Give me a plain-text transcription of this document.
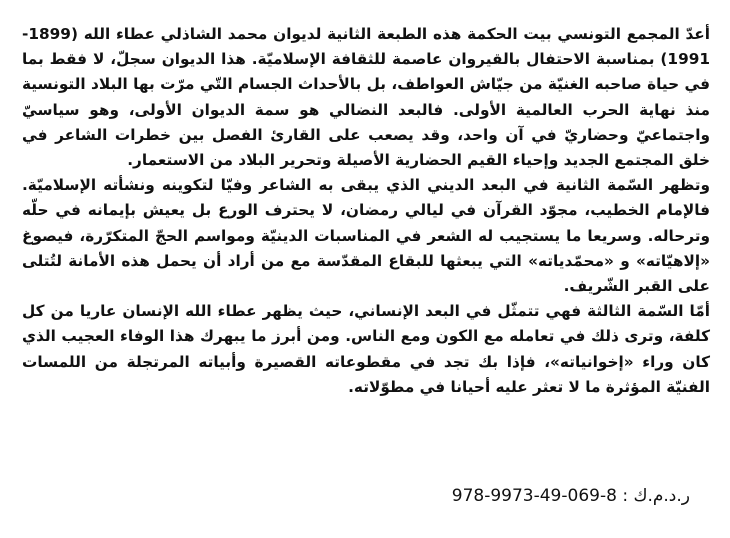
أعدّ المجمع التونسي بيت الحكمة هذه الطبعة الثانية لديوان محمد الشاذلي عطاء الله (1899-1991) بمناسبة الاحتفال بالقيروان عاصمة للثقافة الإسلاميّة. هذا الديوان سجلّ، لا فقط بما في حياة صاحبه الغنيّة من جيّاش العواطف، بل بالأحداث الجسام التّي مرّت بها البلاد التونسية منذ نهاية الحرب العالمية الأولى. فالبعد النضالي هو سمة الديوان الأولى، وهو سياسيّ واجتماعيّ وحضاريّ في آن واحد، وقد يصعب على القارئ الفصل بين خطرات الشاعر في خلق المجتمع الجديد وإحياء القيم الحضارية الأصيلة وتحرير البلاد من الاستعمار.

وتظهر السّمة الثانية في البعد الديني الذي يبقى به الشاعر وفيّا لتكوينه ونشأته الإسلاميّة. فالإمام الخطيب، مجوّد القرآن في ليالي رمضان، لا يحترف الورع بل يعيش بإيمانه في حلّه وترحاله. وسريعا ما يستجيب له الشعر في المناسبات الدينيّة ومواسم الحجّ المتكرّرة، فيصوغ «إلاهيّاته» و «محمّدياته» التي يبعثها للبقاع المقدّسة مع من أراد أن يحمل هذه الأمانة لتُتلى على القبر الشّريف.

أمّا السّمة الثالثة فهي تتمثّل في البعد الإنساني، حيث يظهر عطاء الله الإنسان عاريا من كل كلفة، وترى ذلك في تعامله مع الكون ومع الناس. ومن أبرز ما يبهرك هذا الوفاء العجيب الذي كان وراء «إخوانياته»، فإذا بك تجد في مقطوعاته القصيرة وأبياته المرتجلة من اللمسات الفنيّة المؤثرة ما لا تعثر عليه أحيانا في مطوّلاته.

ر.د.م.ك : 978-9973-49-069-8
